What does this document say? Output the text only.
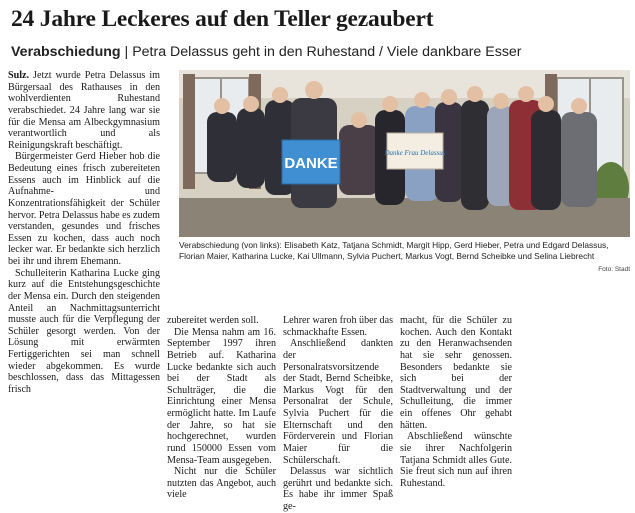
24 Jahre Leckeres auf den Teller gezaubert
Verabschiedung | Petra Delassus geht in den Ruhestand / Viele dankbare Esser

Sulz. Jetzt wurde Petra Delassus im Bürgersaal des Rathauses in den wohlverdienten Ruhestand verabschiedet. 24 Jahre lang war sie für die Mensa am Albeckgymnasium verantwortlich und als Reinigungskraft beschäftigt.

Bürgermeister Gerd Hieber hob die Bedeutung eines frisch zubereiteten Essens auch im Hinblick auf die Aufnahme- und Konzentrationsfähigkeit der Schüler hervor. Petra Delassus habe es zudem verstanden, gesundes und frisches Essen zu kochen, dass auch noch lecker war. Er bedankte sich herzlich bei ihr und ihrem Ehemann.

Schulleiterin Katharina Lucke ging kurz auf die Entstehungsgeschichte der Mensa ein. Durch den steigenden Anteil an Nachmittagsunterricht musste auch für die Verpflegung der Schüler gesorgt werden. Von der Lösung mit erwärmten Fertiggerichten sei man schnell wieder abgekommen. Es wurde beschlossen, dass das Mittagessen frisch

DANKE
Danke Frau Delassus
Verabschiedung (von links): Elisabeth Katz, Tatjana Schmidt, Margit Hipp, Gerd Hieber, Petra und Edgard Delassus, Florian Maier, Katharina Lucke, Kai Ullmann, Sylvia Puchert, Markus Vogt, Bernd Scheibke und Selina Liebrecht
Foto: Stadt

zubereitet werden soll.

Die Mensa nahm am 16. September 1997 ihren Betrieb auf. Katharina Lucke bedankte sich auch bei der Stadt als Schulträger, die die Einrichtung einer Mensa ermöglicht hatte. Im Laufe der Jahre, so hat sie hochgerechnet, wurden rund 150000 Essen vom Mensa-Team ausgegeben.

Nicht nur die Schüler nutzten das Angebot, auch viele

Lehrer waren froh über das schmackhafte Essen.

Anschließend dankten der Personalratsvorsitzende der Stadt, Bernd Scheibke, Markus Vogt für den Personalrat der Schule, Sylvia Puchert für die Elternschaft und den Förderverein und Florian Maier für die Schülerschaft.

Delassus war sichtlich gerührt und bedankte sich. Es habe ihr immer Spaß ge-

macht, für die Schüler zu kochen. Auch den Kontakt zu den Heranwachsenden hat sie sehr genossen. Besonders bedankte sie sich bei der Stadtverwaltung und der Schulleitung, die immer ein offenes Ohr gehabt hätten.

Abschließend wünschte sie ihrer Nachfolgerin Tatjana Schmidt alles Gute. Sie freut sich nun auf ihren Ruhestand.
